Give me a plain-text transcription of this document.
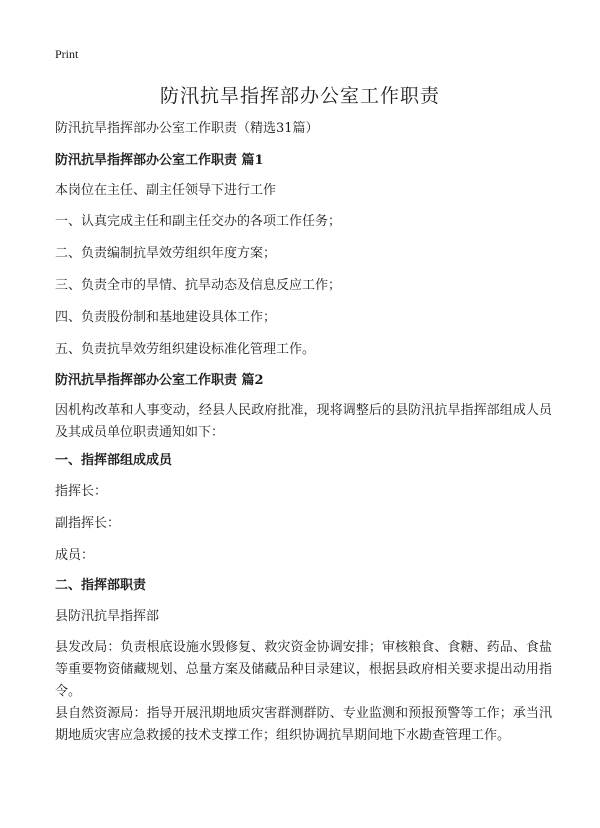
Print
防汛抗旱指挥部办公室工作职责
防汛抗旱指挥部办公室工作职责（精选31篇）
防汛抗旱指挥部办公室工作职责 篇1
本岗位在主任、副主任领导下进行工作
一、认真完成主任和副主任交办的各项工作任务；
二、负责编制抗旱效劳组织年度方案；
三、负责全市的旱情、抗旱动态及信息反应工作；
四、负责股份制和基地建设具体工作；
五、负责抗旱效劳组织建设标准化管理工作。
防汛抗旱指挥部办公室工作职责 篇2
因机构改革和人事变动，经县人民政府批准，现将调整后的县防汛抗旱指挥部组成人员及其成员单位职责通知如下：
一、指挥部组成成员
指挥长：
副指挥长：
成员：
二、指挥部职责
县防汛抗旱指挥部
县发改局：负责根底设施水毁修复、救灾资金协调安排；审核粮食、食糖、药品、食盐等重要物资储藏规划、总量方案及储藏品种目录建议，根据县政府相关要求提出动用指令。
县自然资源局：指导开展汛期地质灾害群测群防、专业监测和预报预警等工作；承当汛期地质灾害应急救援的技术支撑工作；组织协调抗旱期间地下水勘查管理工作。
